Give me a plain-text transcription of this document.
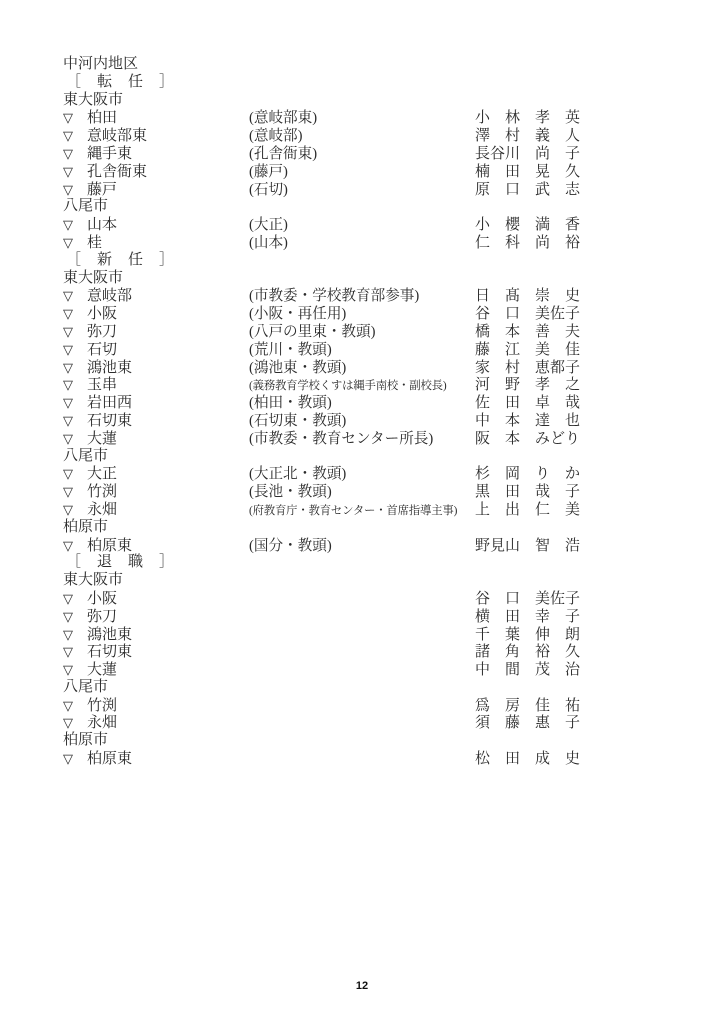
中河内地区
［　転　任　］
東大阪市
▽ 柏田	(意岐部東)	小　林　孝　英
▽ 意岐部東	(意岐部)	澤　村　義　人
▽ 縄手東	(孔舎衙東)	長谷川　尚　子
▽ 孔舎衙東	(藤戸)	楠　田　晃　久
▽ 藤戸	(石切)	原　口　武　志
八尾市
▽ 山本	(大正)	小　櫻　満　香
▽ 桂	(山本)	仁　科　尚　裕
［　新　任　］
東大阪市
▽ 意岐部	(市教委・学校教育部参事)	日　髙　崇　史
▽ 小阪	(小阪・再任用)	谷　口　美佐子
▽ 弥刀	(八戸の里東・教頭)	橋　本　善　夫
▽ 石切	(荒川・教頭)	藤　江　美　佳
▽ 鴻池東	(鴻池東・教頭)	家　村　恵都子
▽ 玉串	(義務教育学校くすは縄手南校・副校長)	河　野　孝　之
▽ 岩田西	(柏田・教頭)	佐　田　卓　哉
▽ 石切東	(石切東・教頭)	中　本　達　也
▽ 大蓮	(市教委・教育センター所長)	阪　本　みどり
八尾市
▽ 大正	(大正北・教頭)	杉　岡　り　か
▽ 竹渕	(長池・教頭)	黒　田　哉　子
▽ 永畑	(府教育庁・教育センター・首席指導主事)	上　出　仁　美
柏原市
▽ 柏原東	(国分・教頭)	野見山　智　浩
［　退　職　］
東大阪市
▽ 小阪	谷　口　美佐子
▽ 弥刀	横　田　幸　子
▽ 鴻池東	千　葉　伸　朗
▽ 石切東	諸　角　裕　久
▽ 大蓮	中　間　茂　治
八尾市
▽ 竹渕	爲　房　佳　祐
▽ 永畑	須　藤　惠　子
柏原市
▽ 柏原東	松　田　成　史
12
